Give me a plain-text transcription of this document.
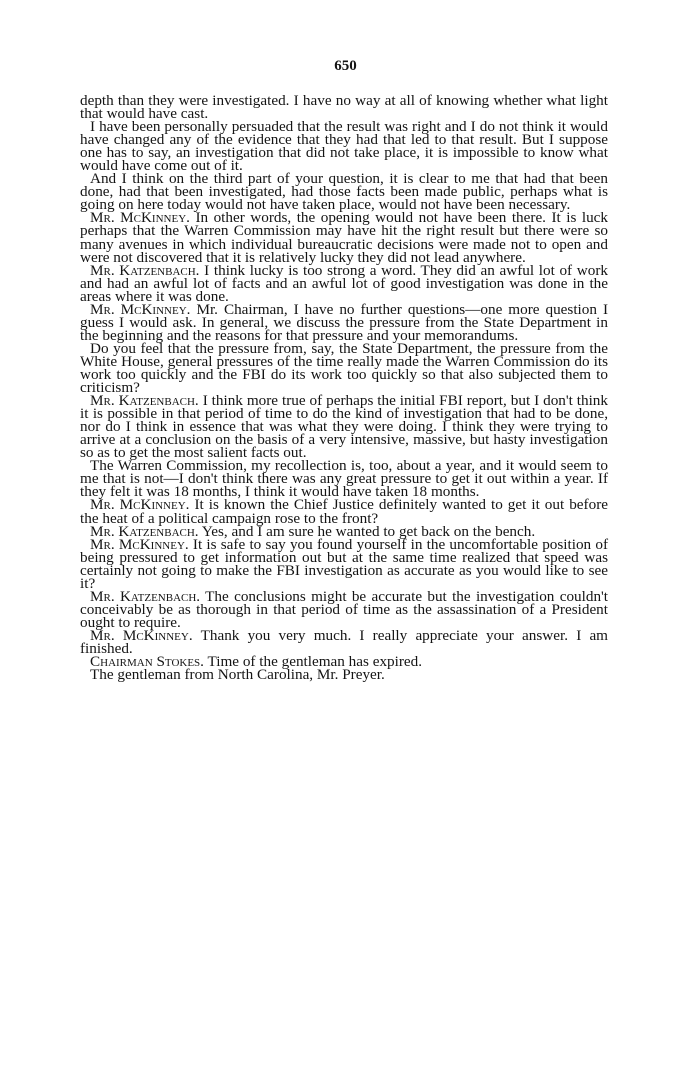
650

depth than they were investigated. I have no way at all of knowing whether what light that would have cast.

I have been personally persuaded that the result was right and I do not think it would have changed any of the evidence that they had that led to that result. But I suppose one has to say, an investigation that did not take place, it is impossible to know what would have come out of it.

And I think on the third part of your question, it is clear to me that had that been done, had that been investigated, had those facts been made public, perhaps what is going on here today would not have taken place, would not have been necessary.

Mr. McKinney. In other words, the opening would not have been there. It is luck perhaps that the Warren Commission may have hit the right result but there were so many avenues in which individual bureaucratic decisions were made not to open and were not discovered that it is relatively lucky they did not lead anywhere.

Mr. Katzenbach. I think lucky is too strong a word. They did an awful lot of work and had an awful lot of facts and an awful lot of good investigation was done in the areas where it was done.

Mr. McKinney. Mr. Chairman, I have no further questions—one more question I guess I would ask. In general, we discuss the pressure from the State Department in the beginning and the reasons for that pressure and your memorandums.

Do you feel that the pressure from, say, the State Department, the pressure from the White House, general pressures of the time really made the Warren Commission do its work too quickly and the FBI do its work too quickly so that also subjected them to criticism?

Mr. Katzenbach. I think more true of perhaps the initial FBI report, but I don't think it is possible in that period of time to do the kind of investigation that had to be done, nor do I think in essence that was what they were doing. I think they were trying to arrive at a conclusion on the basis of a very intensive, massive, but hasty investigation so as to get the most salient facts out.

The Warren Commission, my recollection is, too, about a year, and it would seem to me that is not—I don't think there was any great pressure to get it out within a year. If they felt it was 18 months, I think it would have taken 18 months.

Mr. McKinney. It is known the Chief Justice definitely wanted to get it out before the heat of a political campaign rose to the front?

Mr. Katzenbach. Yes, and I am sure he wanted to get back on the bench.

Mr. McKinney. It is safe to say you found yourself in the uncomfortable position of being pressured to get information out but at the same time realized that speed was certainly not going to make the FBI investigation as accurate as you would like to see it?

Mr. Katzenbach. The conclusions might be accurate but the investigation couldn't conceivably be as thorough in that period of time as the assassination of a President ought to require.

Mr. McKinney. Thank you very much. I really appreciate your answer. I am finished.

Chairman Stokes. Time of the gentleman has expired.

The gentleman from North Carolina, Mr. Preyer.
